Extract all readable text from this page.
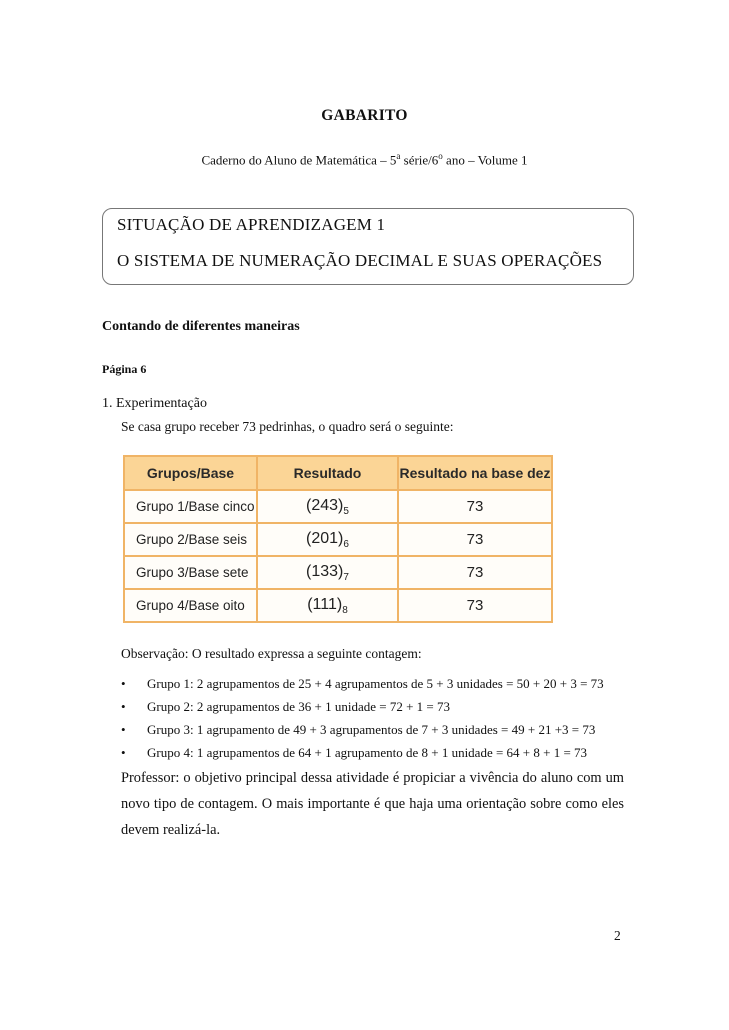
GABARITO
Caderno do Aluno de Matemática – 5$^a$ série/6$^o$ ano – Volume 1
SITUAÇÃO DE APRENDIZAGEM 1
O SISTEMA DE NUMERAÇÃO DECIMAL E SUAS OPERAÇÕES
Contando de diferentes maneiras
Página 6
1. Experimentação
Se casa grupo receber 73 pedrinhas, o quadro será o seguinte:
Grupos/Base	Resultado	Resultado na base dez
Grupo 1/Base cinco	$(243)_5$	73
Grupo 2/Base seis	$(201)_6$	73
Grupo 3/Base sete	$(133)_7$	73
Grupo 4/Base oito	$(111)_8$	73
Observação: O resultado expressa a seguinte contagem:
• Grupo 1: 2 agrupamentos de 25 + 4 agrupamentos de 5 + 3 unidades = 50 + 20 + 3 = 73
• Grupo 2: 2 agrupamentos de 36 + 1 unidade = 72 + 1 = 73
• Grupo 3: 1 agrupamento de 49 + 3 agrupamentos de 7 + 3 unidades = 49 + 21 +3 = 73
• Grupo 4: 1 agrupamentos de 64 + 1 agrupamento de 8 + 1 unidade = 64 + 8 + 1 = 73
Professor: o objetivo principal dessa atividade é propiciar a vivência do aluno com um novo tipo de contagem. O mais importante é que haja uma orientação sobre como eles devem realizá-la.
2
